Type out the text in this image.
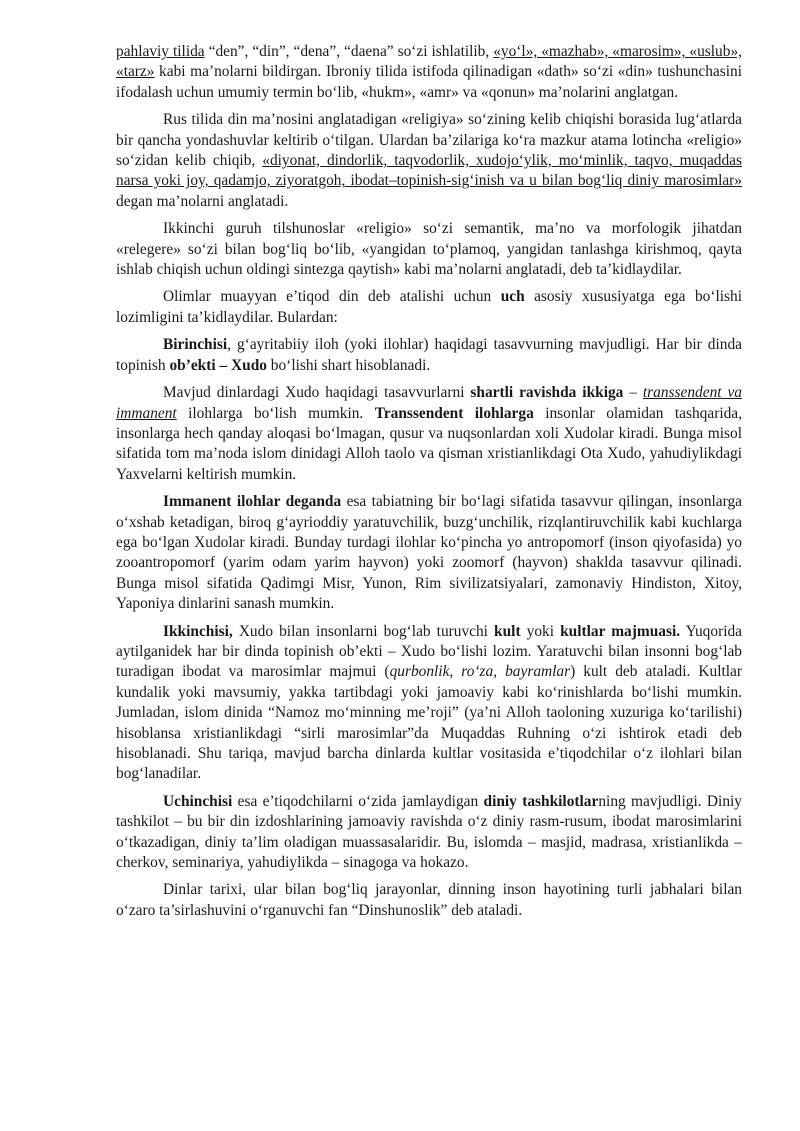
pahlaviy tilida “den”, “din”, “dena”, “daena” so‘zi ishlatilib, «yo‘l», «mazhab», «marosim», «uslub», «tarz» kabi ma’nolarni bildirgan. Ibroniy tilida istifoda qilinadigan «dath» so‘zi «din» tushunchasini ifodalash uchun umumiy termin bo‘lib, «hukm», «amr» va «qonun» ma’nolarini anglatgan.

Rus tilida din ma’nosini anglatadigan «religiya» so‘zining kelib chiqishi borasida lug‘atlarda bir qancha yondashuvlar keltirib o‘tilgan. Ulardan ba’zilariga ko‘ra mazkur atama lotincha «religio» so‘zidan kelib chiqib, «diyonat, dindorlik, taqvodorlik, xudojo‘ylik, mo‘minlik, taqvo, muqaddas narsa yoki joy, qadamjo, ziyoratgoh, ibodat–topinish-sig‘inish va u bilan bog‘liq diniy marosimlar» degan ma’nolarni anglatadi.

Ikkinchi guruh tilshunoslar «religio» so‘zi semantik, ma’no va morfologik jihatdan «relegere» so‘zi bilan bog‘liq bo‘lib, «yangidan to‘plamoq, yangidan tanlashga kirishmoq, qayta ishlab chiqish uchun oldingi sintezga qaytish» kabi ma’nolarni anglatadi, deb ta’kidlaydilar.

Olimlar muayyan e’tiqod din deb atalishi uchun uch asosiy xususiyatga ega bo‘lishi lozimligini ta’kidlaydilar. Bulardan:

Birinchisi, g‘ayritabiiy iloh (yoki ilohlar) haqidagi tasavvurning mavjudligi. Har bir dinda topinish ob’ekti – Xudo bo‘lishi shart hisoblanadi.

Mavjud dinlardagi Xudo haqidagi tasavvurlarni shartli ravishda ikkiga – transsendent va immanent ilohlarga bo‘lish mumkin. Transsendent ilohlarga insonlar olamidan tashqarida, insonlarga hech qanday aloqasi bo‘lmagan, qusur va nuqsonlardan xoli Xudolar kiradi. Bunga misol sifatida tom ma’noda islom dinidagi Alloh taolo va qisman xristianlikdagi Ota Xudo, yahudiylikdagi Yaxvelarni keltirish mumkin.

Immanent ilohlar deganda esa tabiatning bir bo‘lagi sifatida tasavvur qilingan, insonlarga o‘xshab ketadigan, biroq g‘ayrioddiy yaratuvchilik, buzg‘unchilik, rizqlantiruvchilik kabi kuchlarga ega bo‘lgan Xudolar kiradi. Bunday turdagi ilohlar ko‘pincha yo antropomorf (inson qiyofasida) yo zooantropomorf (yarim odam yarim hayvon) yoki zoomorf (hayvon) shaklda tasavvur qilinadi. Bunga misol sifatida Qadimgi Misr, Yunon, Rim sivilizatsiyalari, zamonaviy Hindiston, Xitoy, Yaponiya dinlarini sanash mumkin.

Ikkinchisi, Xudo bilan insonlarni bog‘lab turuvchi kult yoki kultlar majmuasi. Yuqorida aytilganidek har bir dinda topinish ob’ekti – Xudo bo‘lishi lozim. Yaratuvchi bilan insonni bog‘lab turadigan ibodat va marosimlar majmui (qurbonlik, ro‘za, bayramlar) kult deb ataladi. Kultlar kundalik yoki mavsumiy, yakka tartibdagi yoki jamoaviy kabi ko‘rinishlarda bo‘lishi mumkin. Jumladan, islom dinida “Namoz mo‘minning me’roji” (ya’ni Alloh taoloning xuzuriga ko‘tarilishi) hisoblansa xristianlikdagi “sirli marosimlar”da Muqaddas Ruhning o‘zi ishtirok etadi deb hisoblanadi. Shu tariqa, mavjud barcha dinlarda kultlar vositasida e’tiqodchilar o‘z ilohlari bilan bog‘lanadilar.

Uchinchisi esa e’tiqodchilarni o‘zida jamlaydigan diniy tashkilotlarning mavjudligi. Diniy tashkilot – bu bir din izdoshlarining jamoaviy ravishda o‘z diniy rasm-rusum, ibodat marosimlarini o‘tkazadigan, diniy ta’lim oladigan muassasalaridir. Bu, islomda – masjid, madrasa, xristianlikda – cherkov, seminariya, yahudiylikda – sinagoga va hokazo.

Dinlar tarixi, ular bilan bog‘liq jarayonlar, dinning inson hayotining turli jabhalari bilan o‘zaro ta’sirlashuvini o‘rganuvchi fan “Dinshunoslik” deb ataladi.
